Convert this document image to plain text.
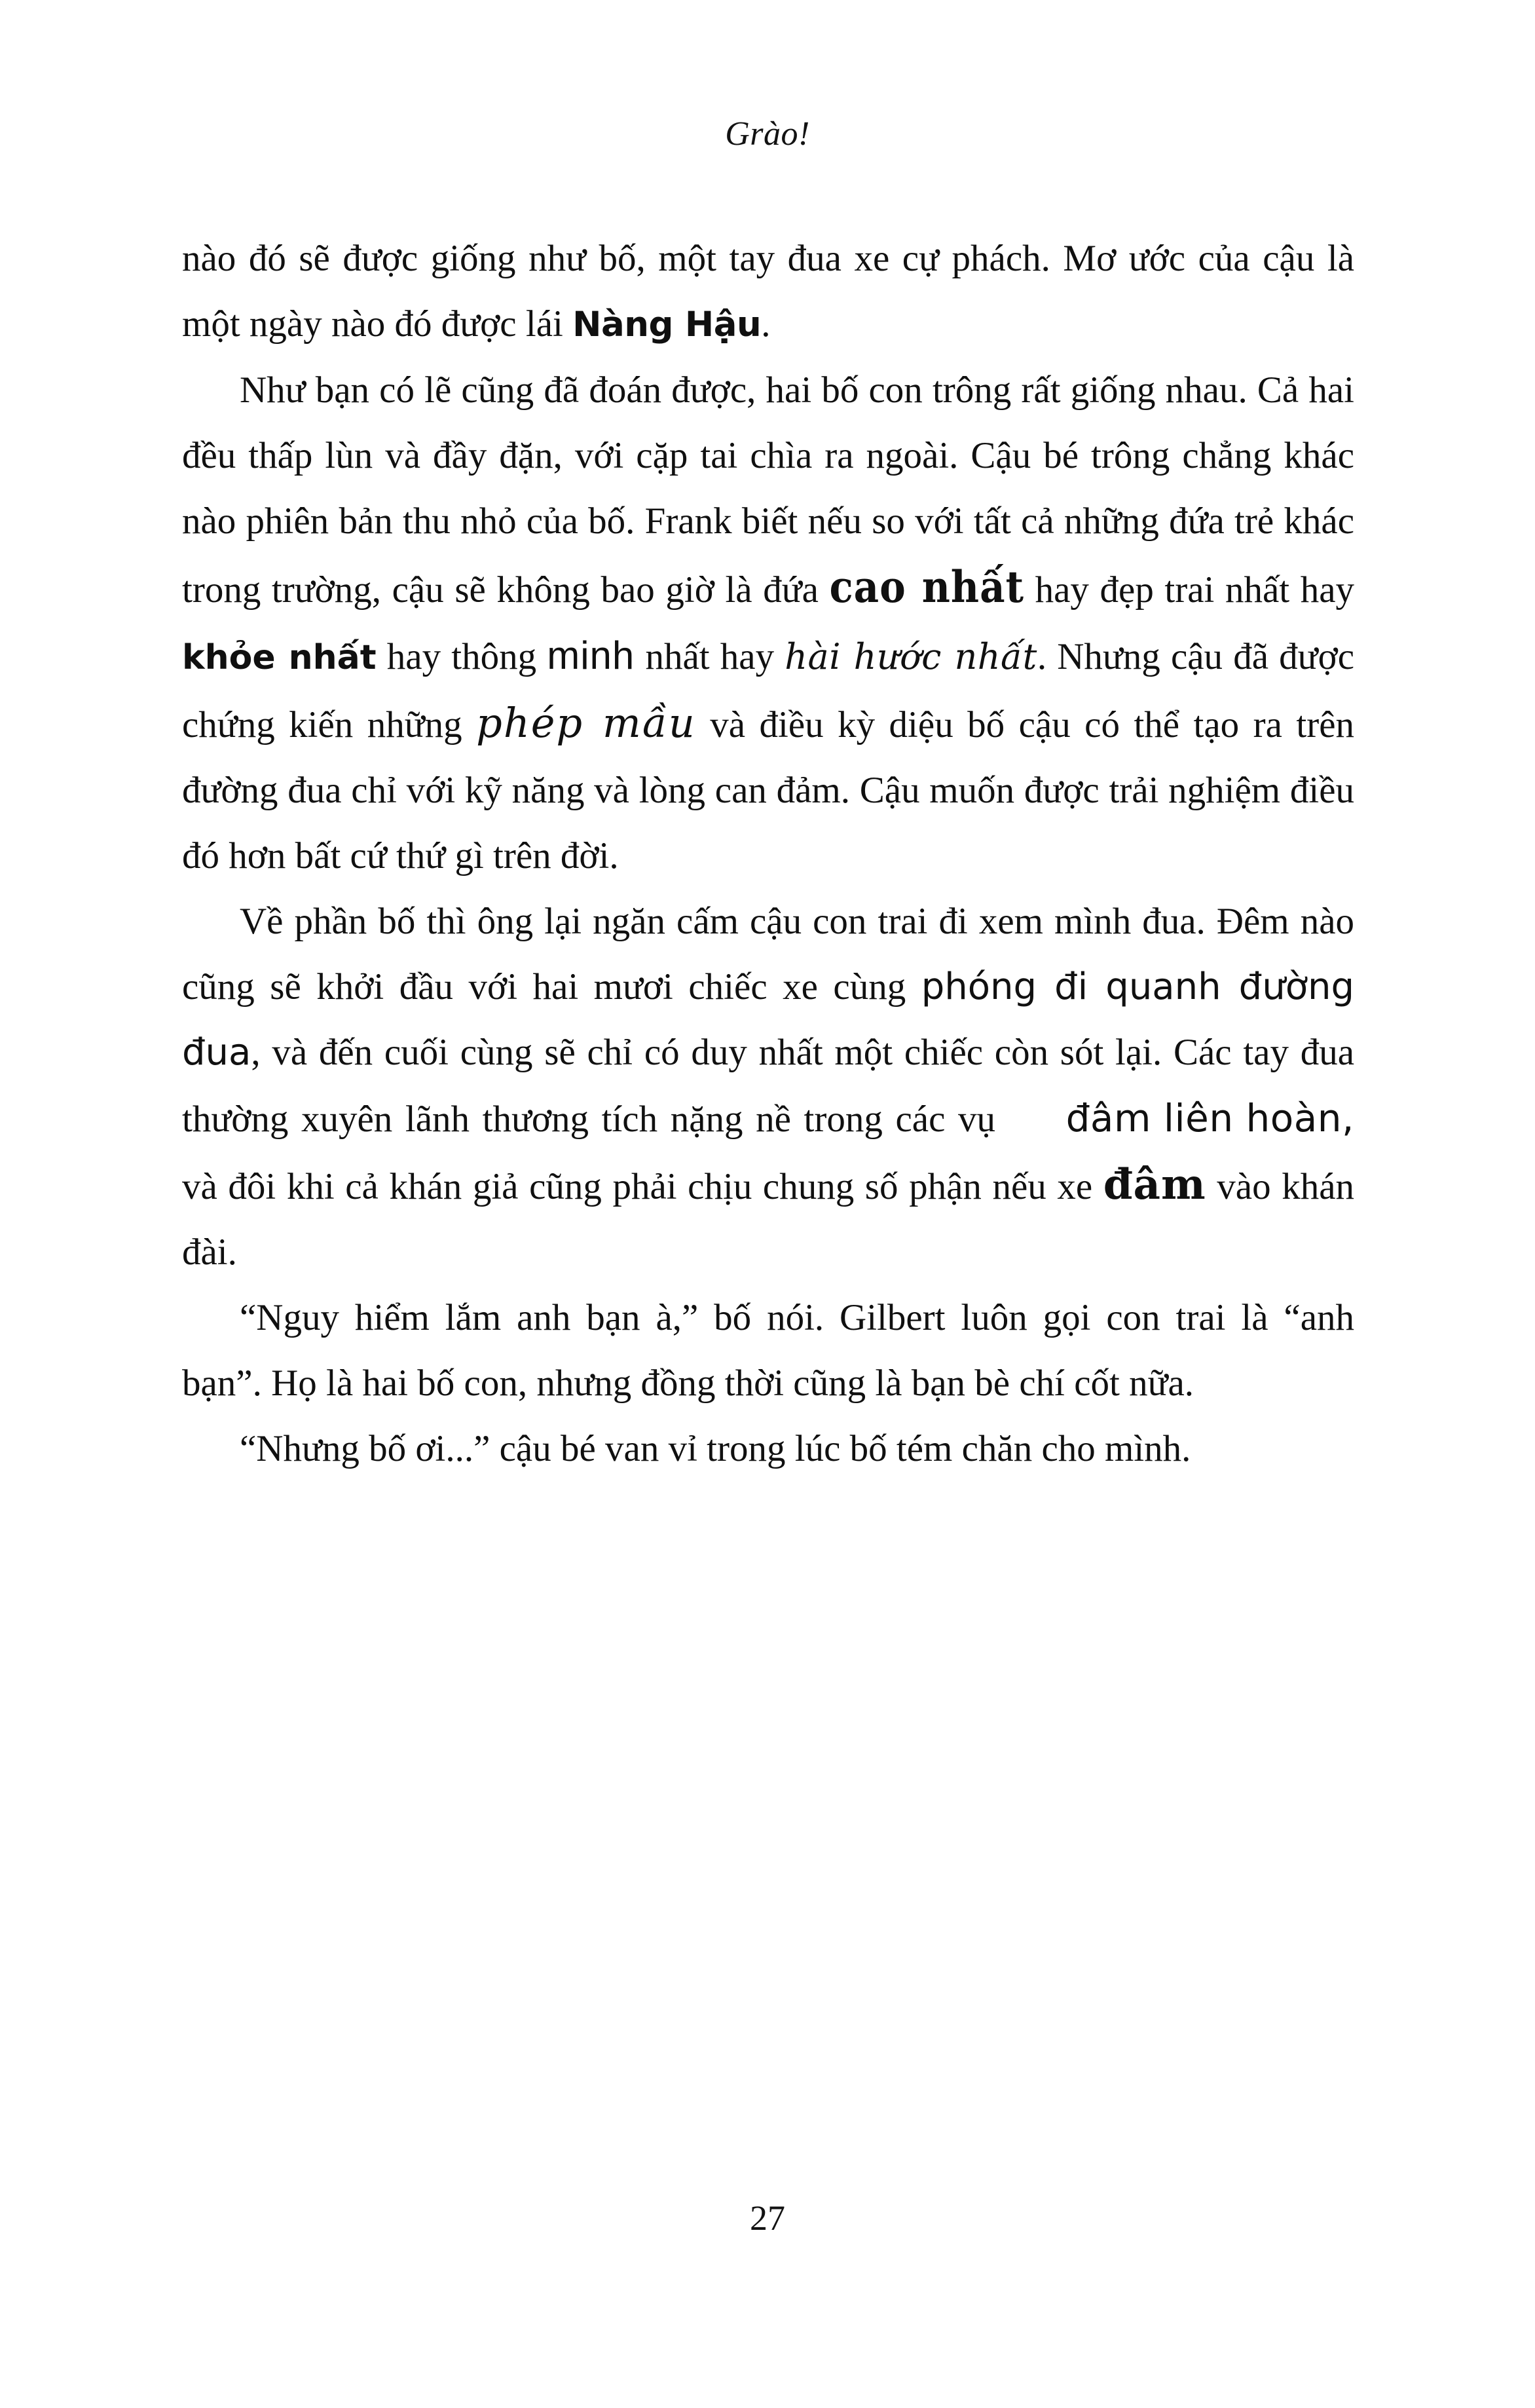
Grào!

nào đó sẽ được giống như bố, một tay đua xe cự phách. Mơ ước của cậu là một ngày nào đó được lái Nàng Hậu.

Như bạn có lẽ cũng đã đoán được, hai bố con trông rất giống nhau. Cả hai đều thấp lùn và đầy đặn, với cặp tai chìa ra ngoài. Cậu bé trông chẳng khác nào phiên bản thu nhỏ của bố. Frank biết nếu so với tất cả những đứa trẻ khác trong trường, cậu sẽ không bao giờ là đứa cao nhất hay đẹp trai nhất hay khỏe nhất hay thông minh nhất hay hài hước nhất. Nhưng cậu đã được chứng kiến những phép mầu và điều kỳ diệu bố cậu có thể tạo ra trên đường đua chỉ với kỹ năng và lòng can đảm. Cậu muốn được trải nghiệm điều đó hơn bất cứ thứ gì trên đời.

Về phần bố thì ông lại ngăn cấm cậu con trai đi xem mình đua. Đêm nào cũng sẽ khởi đầu với hai mươi chiếc xe cùng phóng đi quanh đường đua, và đến cuối cùng sẽ chỉ có duy nhất một chiếc còn sót lại. Các tay đua thường xuyên lãnh thương tích nặng nề trong các vụ đâm liên hoàn, và đôi khi cả khán giả cũng phải chịu chung số phận nếu xe đâm vào khán đài.

“Nguy hiểm lắm anh bạn à,” bố nói. Gilbert luôn gọi con trai là “anh bạn”. Họ là hai bố con, nhưng đồng thời cũng là bạn bè chí cốt nữa.

“Nhưng bố ơi...” cậu bé van vỉ trong lúc bố tém chăn cho mình.

27
